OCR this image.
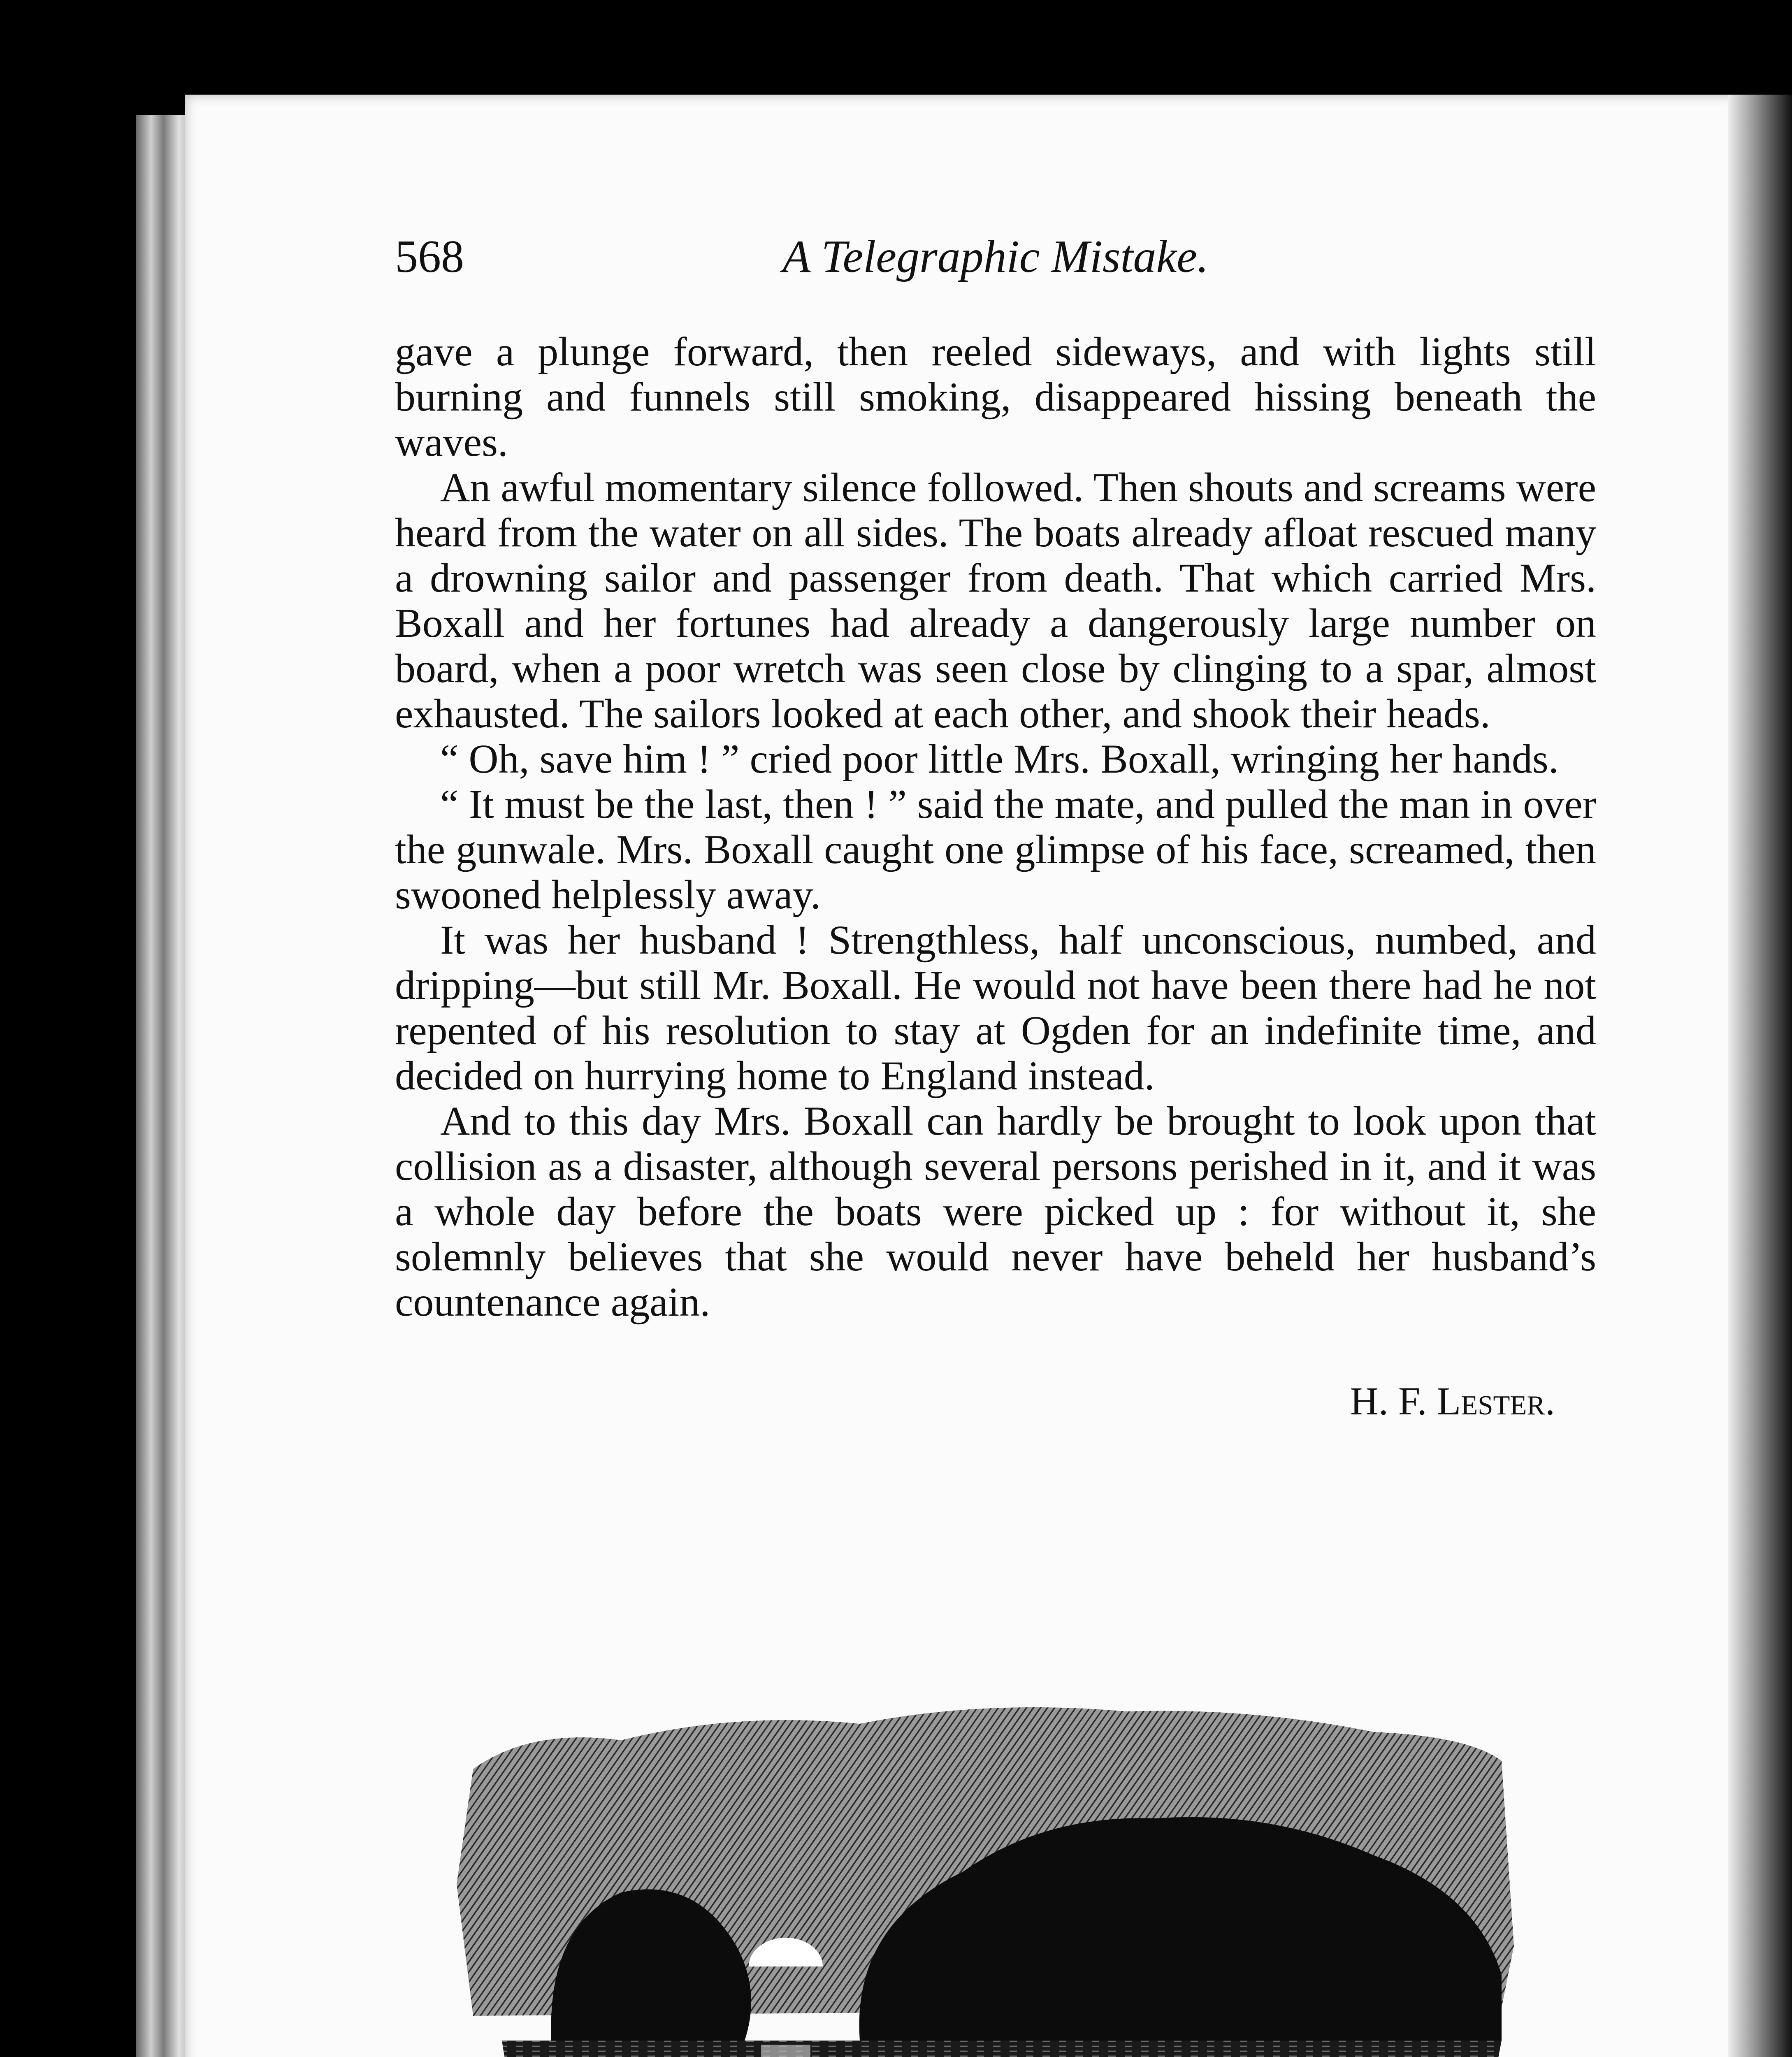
568	A Telegraphic Mistake.

gave a plunge forward, then reeled sideways, and with lights still burning and funnels still smoking, disappeared hissing beneath the waves.

An awful momentary silence followed. Then shouts and screams were heard from the water on all sides. The boats already afloat rescued many a drowning sailor and passenger from death. That which carried Mrs. Boxall and her fortunes had already a dangerously large number on board, when a poor wretch was seen close by clinging to a spar, almost exhausted. The sailors looked at each other, and shook their heads.

“ Oh, save him ! ” cried poor little Mrs. Boxall, wringing her hands.

“ It must be the last, then ! ” said the mate, and pulled the man in over the gunwale. Mrs. Boxall caught one glimpse of his face, screamed, then swooned helplessly away.

It was her husband ! Strengthless, half unconscious, numbed, and dripping—but still Mr. Boxall. He would not have been there had he not repented of his resolution to stay at Ogden for an indefinite time, and decided on hurrying home to England instead.

And to this day Mrs. Boxall can hardly be brought to look upon that collision as a disaster, although several persons perished in it, and it was a whole day before the boats were picked up : for without it, she solemnly believes that she would never have beheld her husband’s countenance again.

H. F. Lester.
